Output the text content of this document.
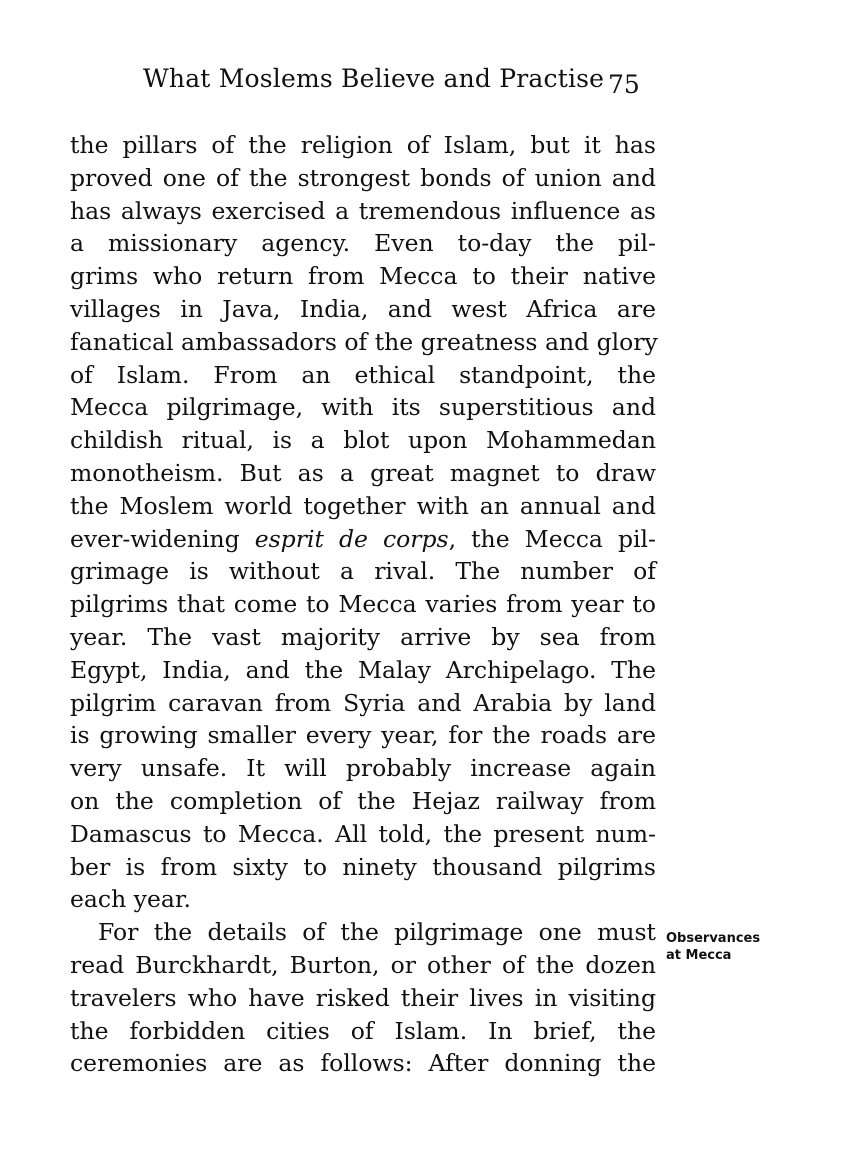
What Moslems Believe and Practise 75
the pillars of the religion of Islam, but it has
proved one of the strongest bonds of union and
has always exercised a tremendous influence as
a missionary agency. Even to-day the pil-
grims who return from Mecca to their native
villages in Java, India, and west Africa are
fanatical ambassadors of the greatness and glory
of Islam. From an ethical standpoint, the
Mecca pilgrimage, with its superstitious and
childish ritual, is a blot upon Mohammedan
monotheism. But as a great magnet to draw
the Moslem world together with an annual and
ever-widening esprit de corps, the Mecca pil-
grimage is without a rival. The number of
pilgrims that come to Mecca varies from year to
year. The vast majority arrive by sea from
Egypt, India, and the Malay Archipelago. The
pilgrim caravan from Syria and Arabia by land
is growing smaller every year, for the roads are
very unsafe. It will probably increase again
on the completion of the Hejaz railway from
Damascus to Mecca. All told, the present num-
ber is from sixty to ninety thousand pilgrims
each year.
For the details of the pilgrimage one must
read Burckhardt, Burton, or other of the dozen
travelers who have risked their lives in visiting
the forbidden cities of Islam. In brief, the
ceremonies are as follows: After donning the
Observances
at Mecca
